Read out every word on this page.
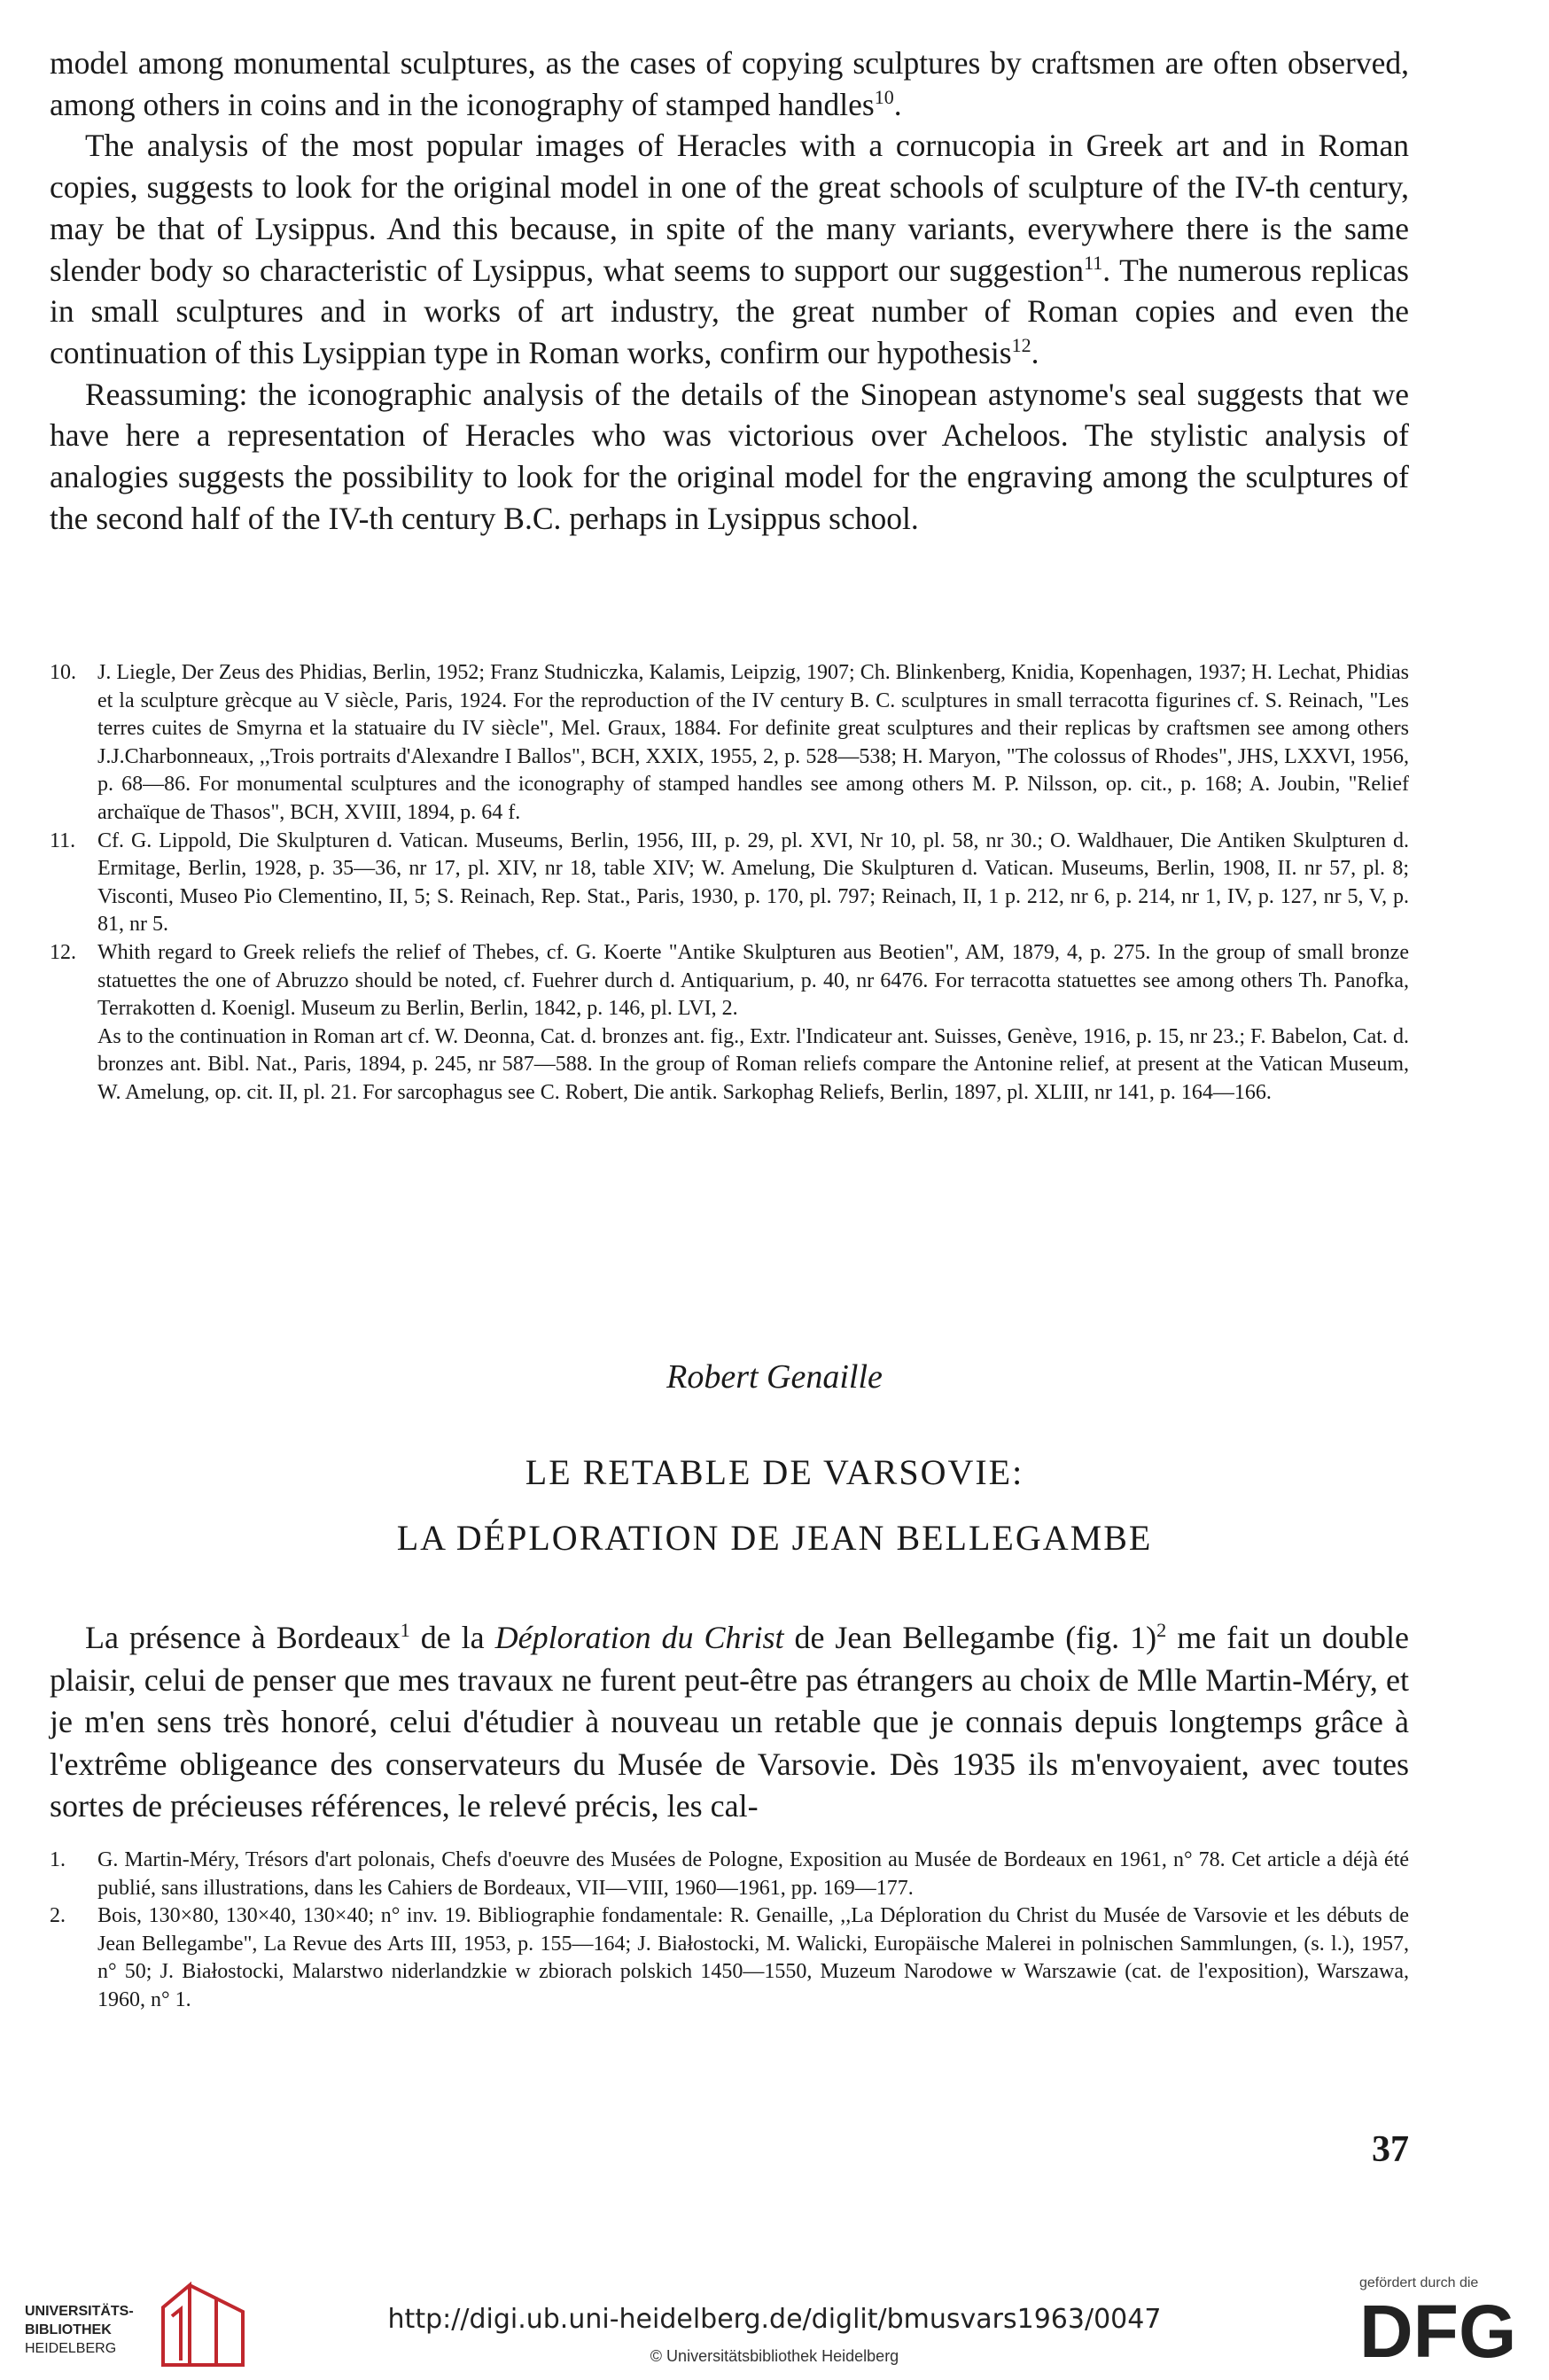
model among monumental sculptures, as the cases of copying sculptures by craftsmen are often observed, among others in coins and in the iconography of stamped handles$^{10}$.

The analysis of the most popular images of Heracles with a cornucopia in Greek art and in Roman copies, suggests to look for the original model in one of the great schools of sculpture of the IV-th century, may be that of Lysippus. And this because, in spite of the many variants, everywhere there is the same slender body so characteristic of Lysippus, what seems to support our suggestion$^{11}$. The numerous replicas in small sculptures and in works of art industry, the great number of Roman copies and even the continuation of this Lysippian type in Roman works, confirm our hypothesis$^{12}$.

Reassuming: the iconographic analysis of the details of the Sinopean astynome's seal suggests that we have here a representation of Heracles who was victorious over Acheloos. The stylistic analysis of analogies suggests the possibility to look for the original model for the engraving among the sculptures of the second half of the IV-th century B.C. perhaps in Lysippus school.

10. J. Liegle, Der Zeus des Phidias, Berlin, 1952; Franz Studniczka, Kalamis, Leipzig, 1907; Ch. Blinkenberg, Knidia, Kopenhagen, 1937; H. Lechat, Phidias et la sculpture grècque au V siècle, Paris, 1924. For the reproduction of the IV century B. C. sculptures in small terracotta figurines cf. S. Reinach, "Les terres cuites de Smyrna et la statuaire du IV siècle", Mel. Graux, 1884. For definite great sculptures and their replicas by craftsmen see among others J.J.Charbonneaux, ,,Trois portraits d'Alexandre I Ballos", BCH, XXIX, 1955, 2, p. 528—538; H. Maryon, "The colossus of Rhodes", JHS, LXXVI, 1956, p. 68—86. For monumental sculptures and the iconography of stamped handles see among others M. P. Nilsson, op. cit., p. 168; A. Joubin, "Relief archaïque de Thasos", BCH, XVIII, 1894, p. 64 f.

11. Cf. G. Lippold, Die Skulpturen d. Vatican. Museums, Berlin, 1956, III, p. 29, pl. XVI, Nr 10, pl. 58, nr 30.; O. Waldhauer, Die Antiken Skulpturen d. Ermitage, Berlin, 1928, p. 35—36, nr 17, pl. XIV, nr 18, table XIV; W. Amelung, Die Skulpturen d. Vatican. Museums, Berlin, 1908, II. nr 57, pl. 8; Visconti, Museo Pio Clementino, II, 5; S. Reinach, Rep. Stat., Paris, 1930, p. 170, pl. 797; Reinach, II, 1 p. 212, nr 6, p. 214, nr 1, IV, p. 127, nr 5, V, p. 81, nr 5.

12. Whith regard to Greek reliefs the relief of Thebes, cf. G. Koerte "Antike Skulpturen aus Beotien", AM, 1879, 4, p. 275. In the group of small bronze statuettes the one of Abruzzo should be noted, cf. Fuehrer durch d. Antiquarium, p. 40, nr 6476. For terracotta statuettes see among others Th. Panofka, Terrakotten d. Koenigl. Museum zu Berlin, Berlin, 1842, p. 146, pl. LVI, 2.

As to the continuation in Roman art cf. W. Deonna, Cat. d. bronzes ant. fig., Extr. l'Indicateur ant. Suisses, Genève, 1916, p. 15, nr 23.; F. Babelon, Cat. d. bronzes ant. Bibl. Nat., Paris, 1894, p. 245, nr 587—588. In the group of Roman reliefs compare the Antonine relief, at present at the Vatican Museum, W. Amelung, op. cit. II, pl. 21. For sarcophagus see C. Robert, Die antik. Sarkophag Reliefs, Berlin, 1897, pl. XLIII, nr 141, p. 164—166.

Robert Genaille
LE RETABLE DE VARSOVIE:
LA DÉPLORATION DE JEAN BELLEGAMBE

La présence à Bordeaux$^1$ de la Déploration du Christ de Jean Bellegambe (fig. 1)$^2$ me fait un double plaisir, celui de penser que mes travaux ne furent peut-être pas étrangers au choix de Mlle Martin-Méry, et je m'en sens très honoré, celui d'étudier à nouveau un retable que je connais depuis longtemps grâce à l'extrême obligeance des conservateurs du Musée de Varsovie. Dès 1935 ils m'envoyaient, avec toutes sortes de précieuses références, le relevé précis, les cal-

1. G. Martin-Méry, Trésors d'art polonais, Chefs d'oeuvre des Musées de Pologne, Exposition au Musée de Bordeaux en 1961, n° 78. Cet article a déjà été publié, sans illustrations, dans les Cahiers de Bordeaux, VII—VIII, 1960—1961, pp. 169—177.

2. Bois, 130×80, 130×40, 130×40; n° inv. 19. Bibliographie fondamentale: R. Genaille, ,,La Déploration du Christ du Musée de Varsovie et les débuts de Jean Bellegambe", La Revue des Arts III, 1953, p. 155—164; J. Białostocki, M. Walicki, Europäische Malerei in polnischen Sammlungen, (s. l.), 1957, n° 50; J. Białostocki, Malarstwo niderlandzkie w zbiorach polskich 1450—1550, Muzeum Narodowe w Warszawie (cat. de l'exposition), Warszawa, 1960, n° 1.

37
UNIVERSITÄTS-
BIBLIOTHEK
HEIDELBERG
http://digi.ub.uni-heidelberg.de/diglit/bmusvars1963/0047
© Universitätsbibliothek Heidelberg
gefördert durch die
DFG
